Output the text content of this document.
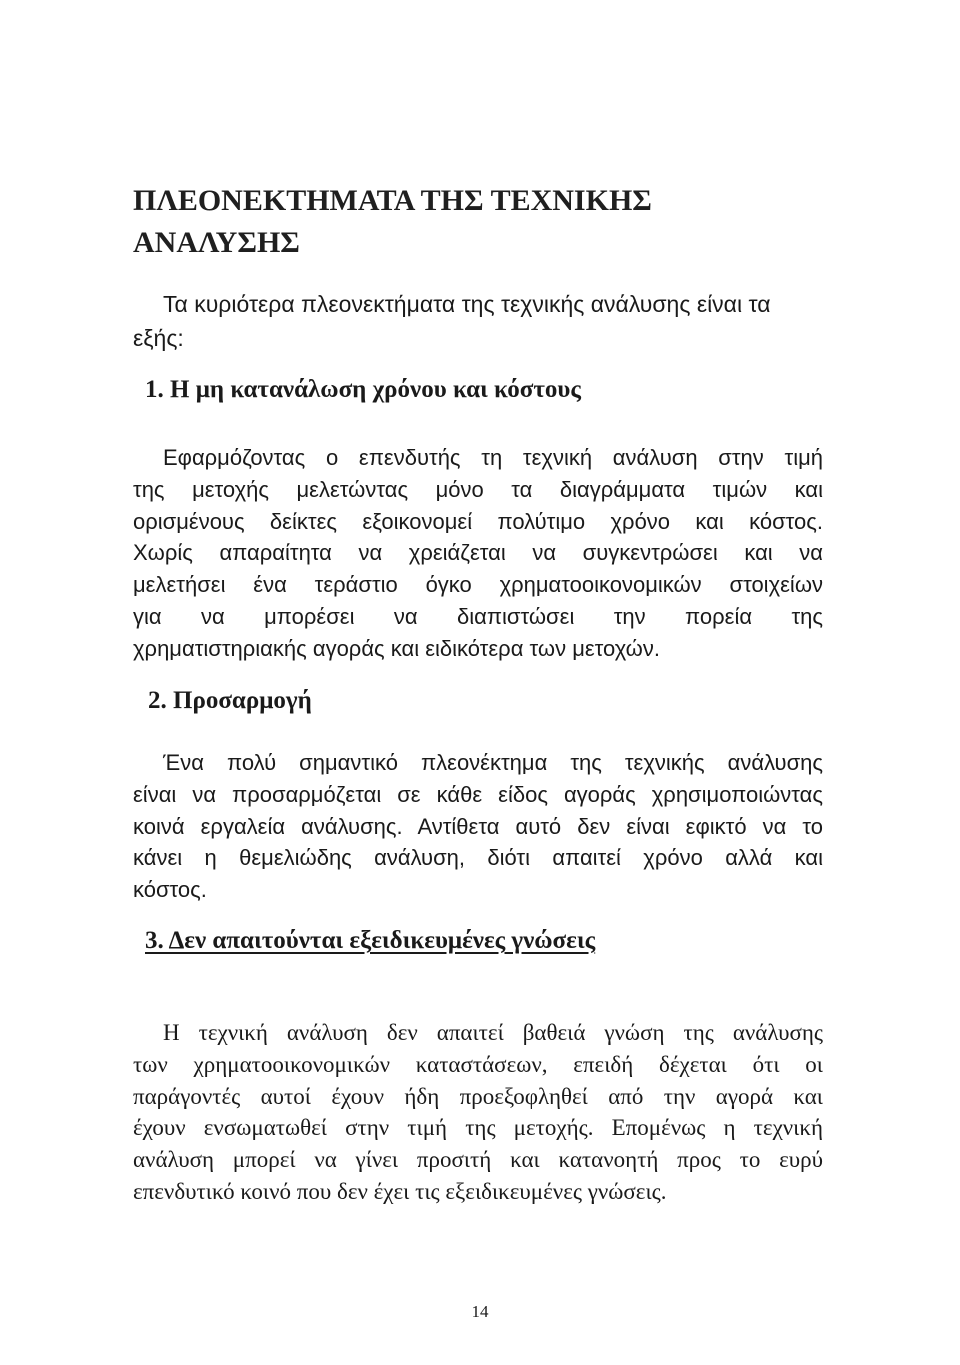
ΠΛΕΟΝΕΚΤΗΜΑΤΑ ΤΗΣ ΤΕΧΝΙΚΗΣ ΑΝΑΛΥΣΗΣ

Τα κυριότερα πλεονεκτήματα της τεχνικής ανάλυσης είναι τα
εξής:

1. Η μη κατανάλωση χρόνου και κόστους

Εφαρμόζοντας ο επενδυτής τη τεχνική ανάλυση στην τιμή
της μετοχής μελετώντας μόνο τα διαγράμματα τιμών και
ορισμένους δείκτες εξοικονομεί πολύτιμο χρόνο και κόστος.
Χωρίς απαραίτητα να χρειάζεται να συγκεντρώσει και να
μελετήσει ένα τεράστιο όγκο χρηματοοικονομικών στοιχείων
για να μπορέσει να διαπιστώσει την πορεία της
χρηματιστηριακής αγοράς και ειδικότερα των μετοχών.

2. Προσαρμογή

Ένα πολύ σημαντικό πλεονέκτημα της τεχνικής ανάλυσης
είναι να προσαρμόζεται σε κάθε είδος αγοράς χρησιμοποιώντας
κοινά εργαλεία ανάλυσης. Αντίθετα αυτό δεν είναι εφικτό να το
κάνει η θεμελιώδης ανάλυση, διότι απαιτεί χρόνο αλλά και
κόστος.

3. Δεν απαιτούνται εξειδικευμένες γνώσεις

Η τεχνική ανάλυση δεν απαιτεί βαθειά γνώση της ανάλυσης
των χρηματοοικονομικών καταστάσεων, επειδή δέχεται ότι οι
παράγοντές αυτοί έχουν ήδη προεξοφληθεί από την αγορά και
έχουν ενσωματωθεί στην τιμή της μετοχής. Επομένως η τεχνική
ανάλυση μπορεί να γίνει προσιτή και κατανοητή προς το ευρύ
επενδυτικό κοινό που δεν έχει τις εξειδικευμένες γνώσεις.

14
